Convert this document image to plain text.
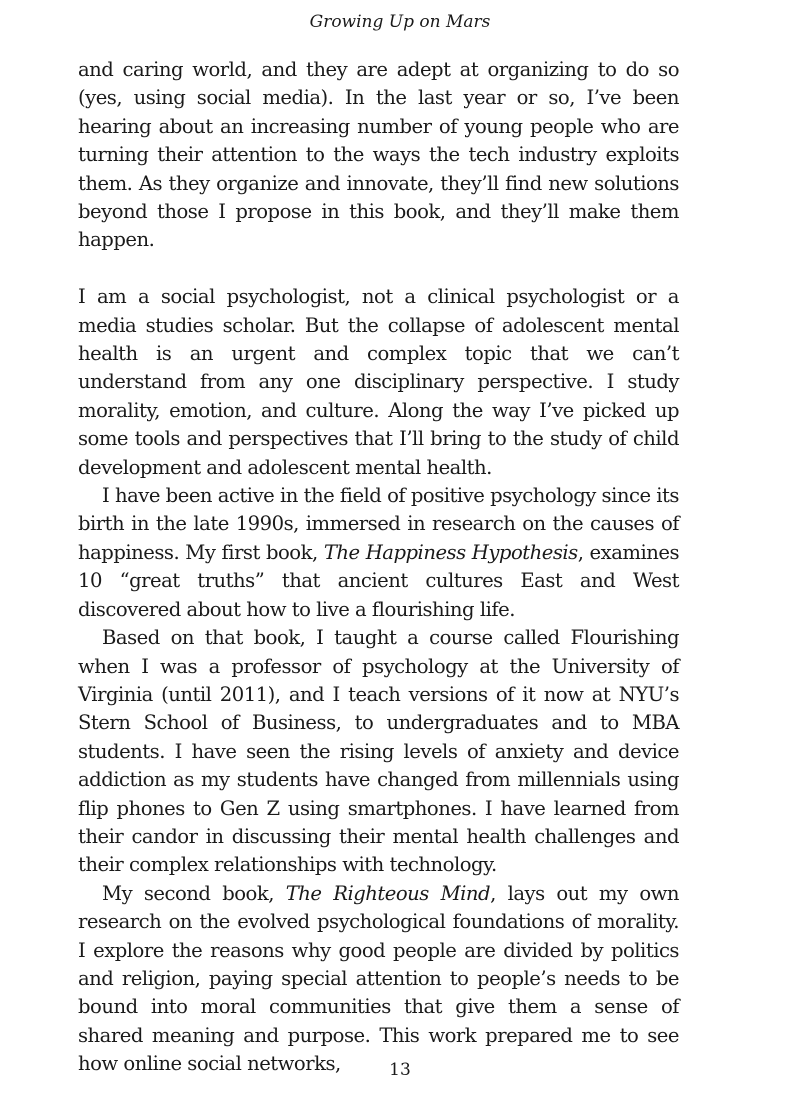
Growing Up on Mars

and caring world, and they are adept at organizing to do so (yes, using social media). In the last year or so, I’ve been hearing about an increasing number of young people who are turning their attention to the ways the tech industry exploits them. As they organize and innovate, they’ll find new solutions beyond those I propose in this book, and they’ll make them happen.

I am a social psychologist, not a clinical psychologist or a media studies scholar. But the collapse of adolescent mental health is an urgent and complex topic that we can’t understand from any one disciplinary perspective. I study morality, emotion, and culture. Along the way I’ve picked up some tools and perspectives that I’ll bring to the study of child development and adolescent mental health.

I have been active in the field of positive psychology since its birth in the late 1990s, immersed in research on the causes of happiness. My first book, The Happiness Hypothesis, examines 10 “great truths” that ancient cultures East and West discovered about how to live a flourishing life.

Based on that book, I taught a course called Flourishing when I was a professor of psychology at the University of Virginia (until 2011), and I teach versions of it now at NYU’s Stern School of Business, to undergraduates and to MBA students. I have seen the rising levels of anxiety and device addiction as my students have changed from millennials using flip phones to Gen Z using smartphones. I have learned from their candor in discussing their mental health challenges and their complex relationships with technology.

My second book, The Righteous Mind, lays out my own research on the evolved psychological foundations of morality. I explore the reasons why good people are divided by politics and religion, paying special attention to people’s needs to be bound into moral communities that give them a sense of shared meaning and purpose. This work prepared me to see how online social networks,	13
